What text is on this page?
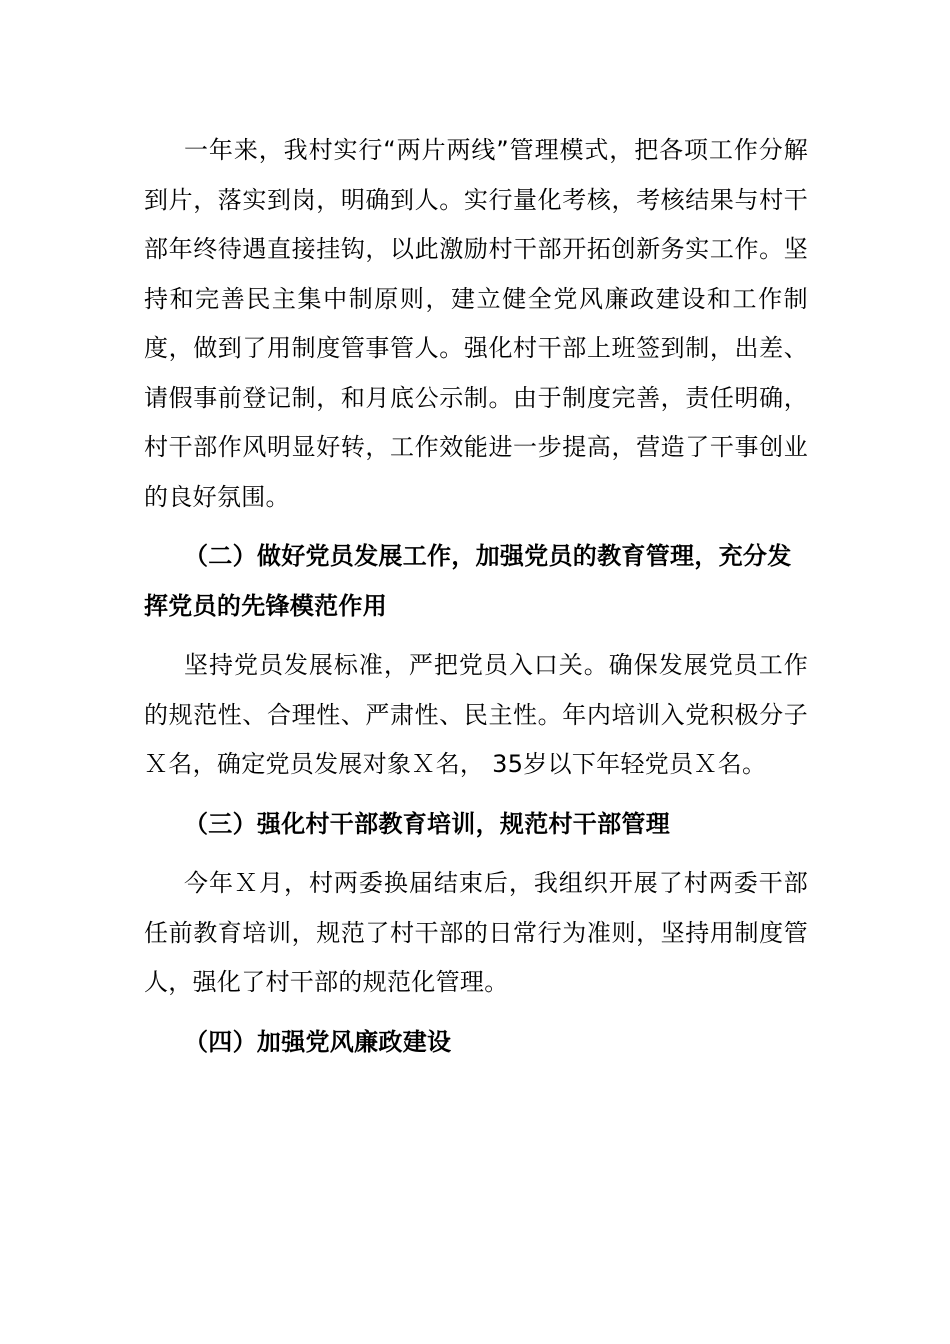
一年来，我村实行“两片两线”管理模式，把各项工作分解到片，落实到岗，明确到人。实行量化考核，考核结果与村干部年终待遇直接挂钩，以此激励村干部开拓创新务实工作。坚持和完善民主集中制原则，建立健全党风廉政建设和工作制度，做到了用制度管事管人。强化村干部上班签到制，出差、请假事前登记制，和月底公示制。由于制度完善，责任明确，村干部作风明显好转，工作效能进一步提高，营造了干事创业的良好氛围。

（二）做好党员发展工作，加强党员的教育管理，充分发挥党员的先锋模范作用

坚持党员发展标准，严把党员入口关。确保发展党员工作的规范性、合理性、严肃性、民主性。年内培训入党积极分子Ｘ名，确定党员发展对象Ｘ名， 35岁以下年轻党员Ｘ名。

（三）强化村干部教育培训，规范村干部管理

今年Ｘ月，村两委换届结束后，我组织开展了村两委干部任前教育培训，规范了村干部的日常行为准则，坚持用制度管人，强化了村干部的规范化管理。

（四）加强党风廉政建设
